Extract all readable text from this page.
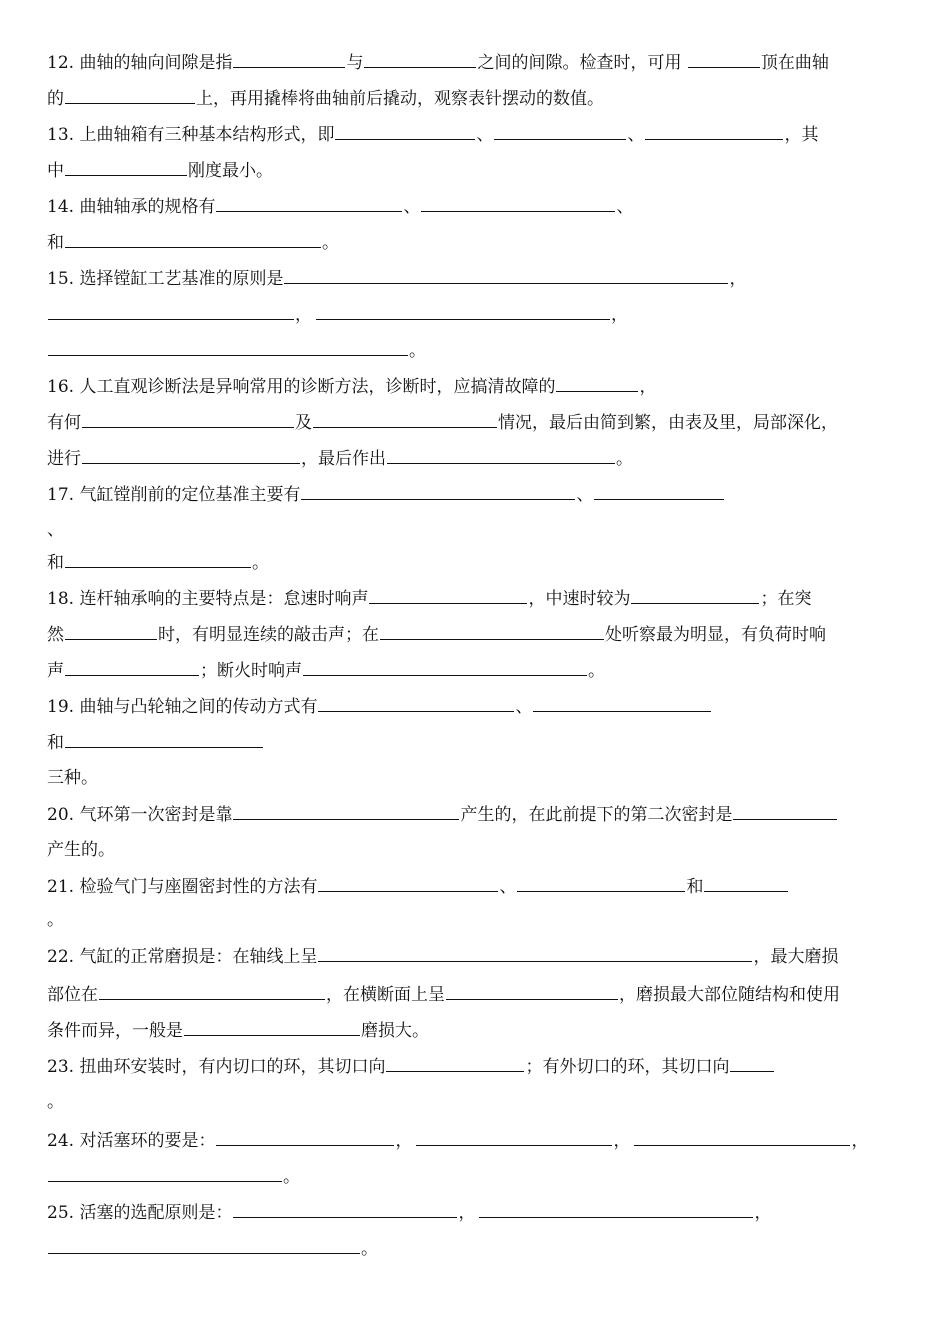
12. 曲轴的轴向间隙是指	与	之间的间隙。检查时，可用	顶在曲轴
的	上，再用撬棒将曲轴前后撬动，观察表针摆动的数值。
13. 上曲轴箱有三种基本结构形式，即	、	、	，其
中	刚度最小。
14. 曲轴轴承的规格有	、	、
和	。
15. 选择镗缸工艺基准的原则是	，
，	，
。
16. 人工直观诊断法是异响常用的诊断方法，诊断时，应搞清故障的	，
有何	及	情况，最后由简到繁，由表及里，局部深化，
进行	，最后作出	。
17. 气缸镗削前的定位基准主要有	、
、
和	。
18. 连杆轴承响的主要特点是：怠速时响声	，中速时较为	；在突
然	时，有明显连续的敲击声；在	处听察最为明显，有负荷时响
声	；断火时响声	。
19. 曲轴与凸轮轴之间的传动方式有	、
和
三种。
20. 气环第一次密封是靠	产生的，在此前提下的第二次密封是
产生的。
21. 检验气门与座圈密封性的方法有	、	和
。
22. 气缸的正常磨损是：在轴线上呈	，最大磨损
部位在	，在横断面上呈	，磨损最大部位随结构和使用
条件而异，一般是	磨损大。
23. 扭曲环安装时，有内切口的环，其切口向	；有外切口的环，其切口向
。
24. 对活塞环的要是：	，	，	，
。
25. 活塞的选配原则是：	，	，
。
